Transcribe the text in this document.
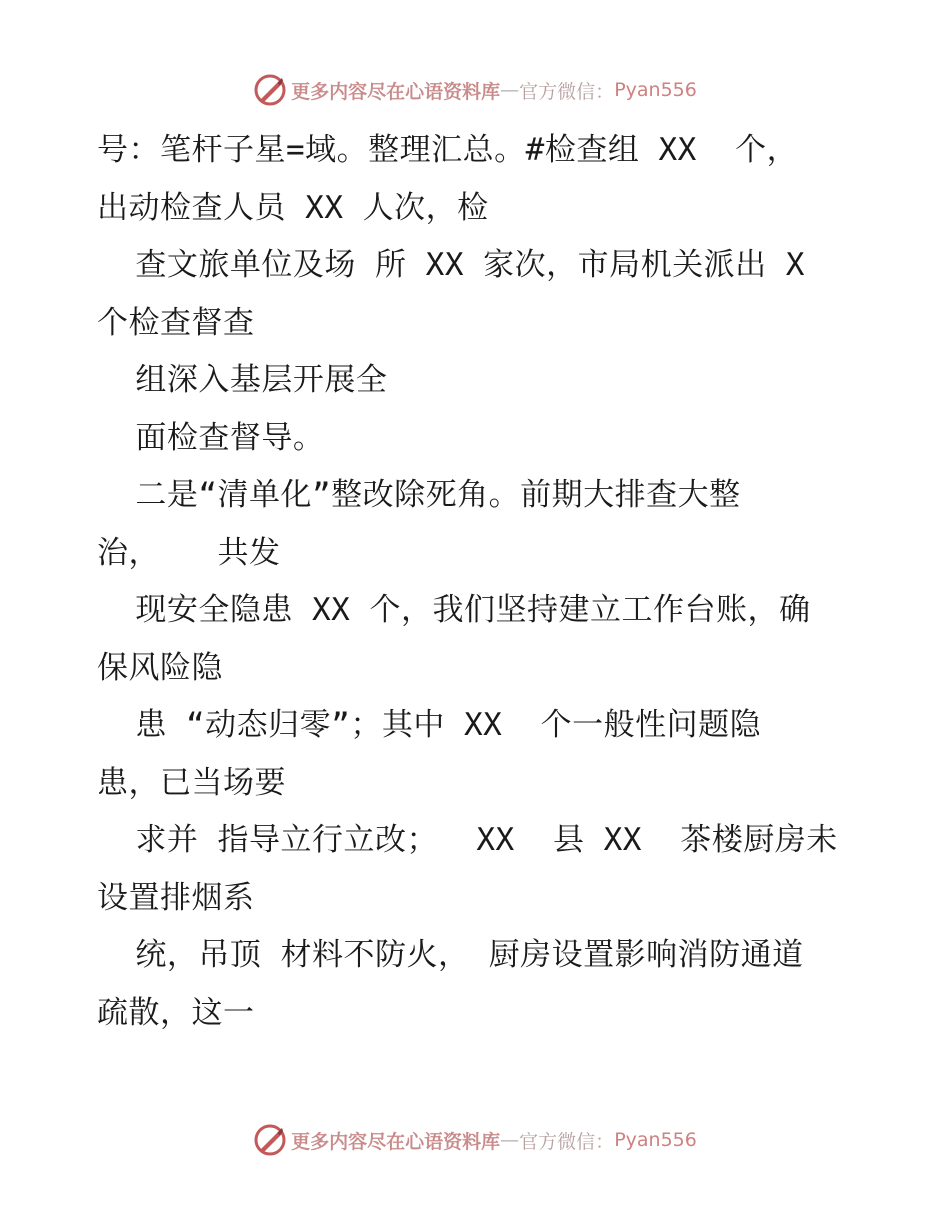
更多内容尽在心语资料库 — 官方微信： Pyan556
号：笔杆子星=域。整理汇总。#检查组 XX  个，
出动检查人员 XX 人次，检
查文旅单位及场 所 XX 家次，市局机关派出 X
个检查督查
组深入基层开展全
面检查督导。
二是“清单化”整改除死角。前期大排查大整
治，   共发
现安全隐患 XX 个，我们坚持建立工作台账，确
保风险隐
患 “动态归零”；其中 XX  个一般性问题隐
患，已当场要
求并 指导立行立改；  XX  县 XX  茶楼厨房未
设置排烟系
统，吊顶 材料不防火， 厨房设置影响消防通道
疏散，这一
更多内容尽在心语资料库 — 官方微信： Pyan556
